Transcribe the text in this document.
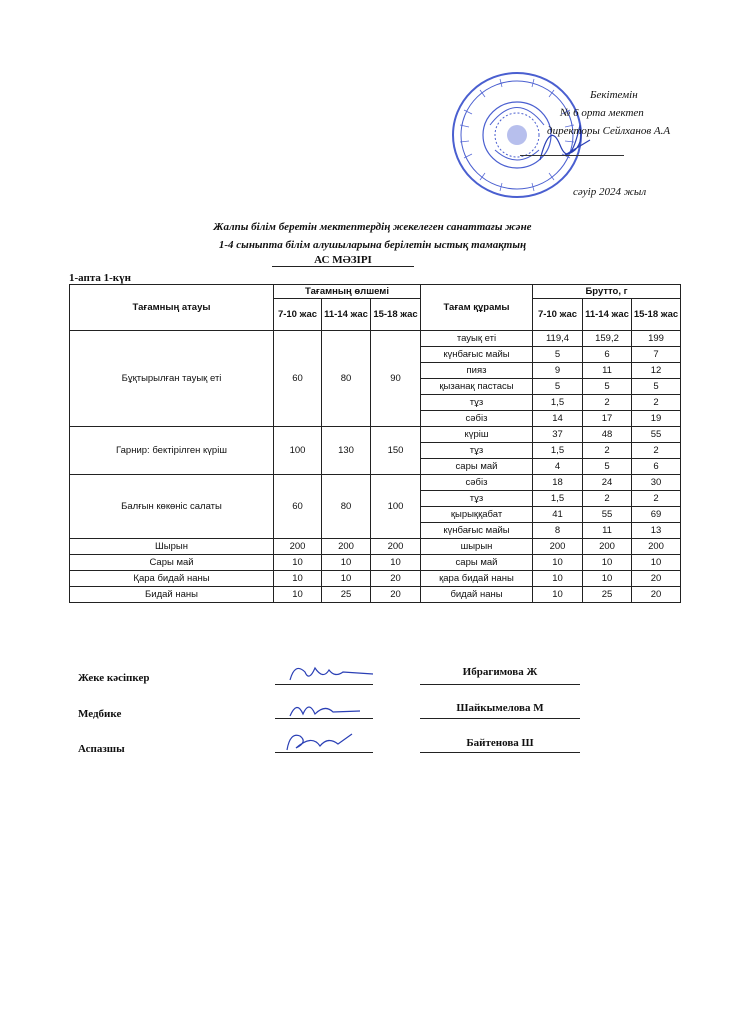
Бекітемін
№ 6 орта мектеп
директоры Сейлханов А.А
сәуір 2024 жыл
Жалпы білім беретін мектептердің жекелеген санаттағы және
1-4 сыныпта білім алушыларына берілетін ыстық тамақтың
АС МӘЗІРІ
1-апта 1-күн
Тағамның атауы	Тағамның өлшемі			Тағам құрамы	Брутто, г		
	7-10 жас	11-14 жас	15-18 жас		7-10 жас	11-14 жас	15-18 жас
Бұқтырылған тауық еті	60	80	90	тауық еті	119,4	159,2	199
				күнбағыс майы	5	6	7
				пияз	9	11	12
				қызанақ пастасы	5	5	5
				тұз	1,5	2	2
				сәбіз	14	17	19
Гарнир: бектірілген күріш	100	130	150	күріш	37	48	55
				тұз	1,5	2	2
				сары май	4	5	6
Балғын көкөніс салаты	60	80	100	сәбіз	18	24	30
				тұз	1,5	2	2
				қырыққабат	41	55	69
				күнбағыс майы	8	11	13
Шырын	200	200	200	шырын	200	200	200
Сары май	10	10	10	сары май	10	10	10
Қара бидай наны	10	10	20	қара бидай наны	10	10	20
Бидай наны	10	25	20	бидай наны	10	25	20
Жеке кәсіпкер	Ибрагимова Ж
Медбике	Шайкымелова М
Аспазшы	Байтенова Ш
